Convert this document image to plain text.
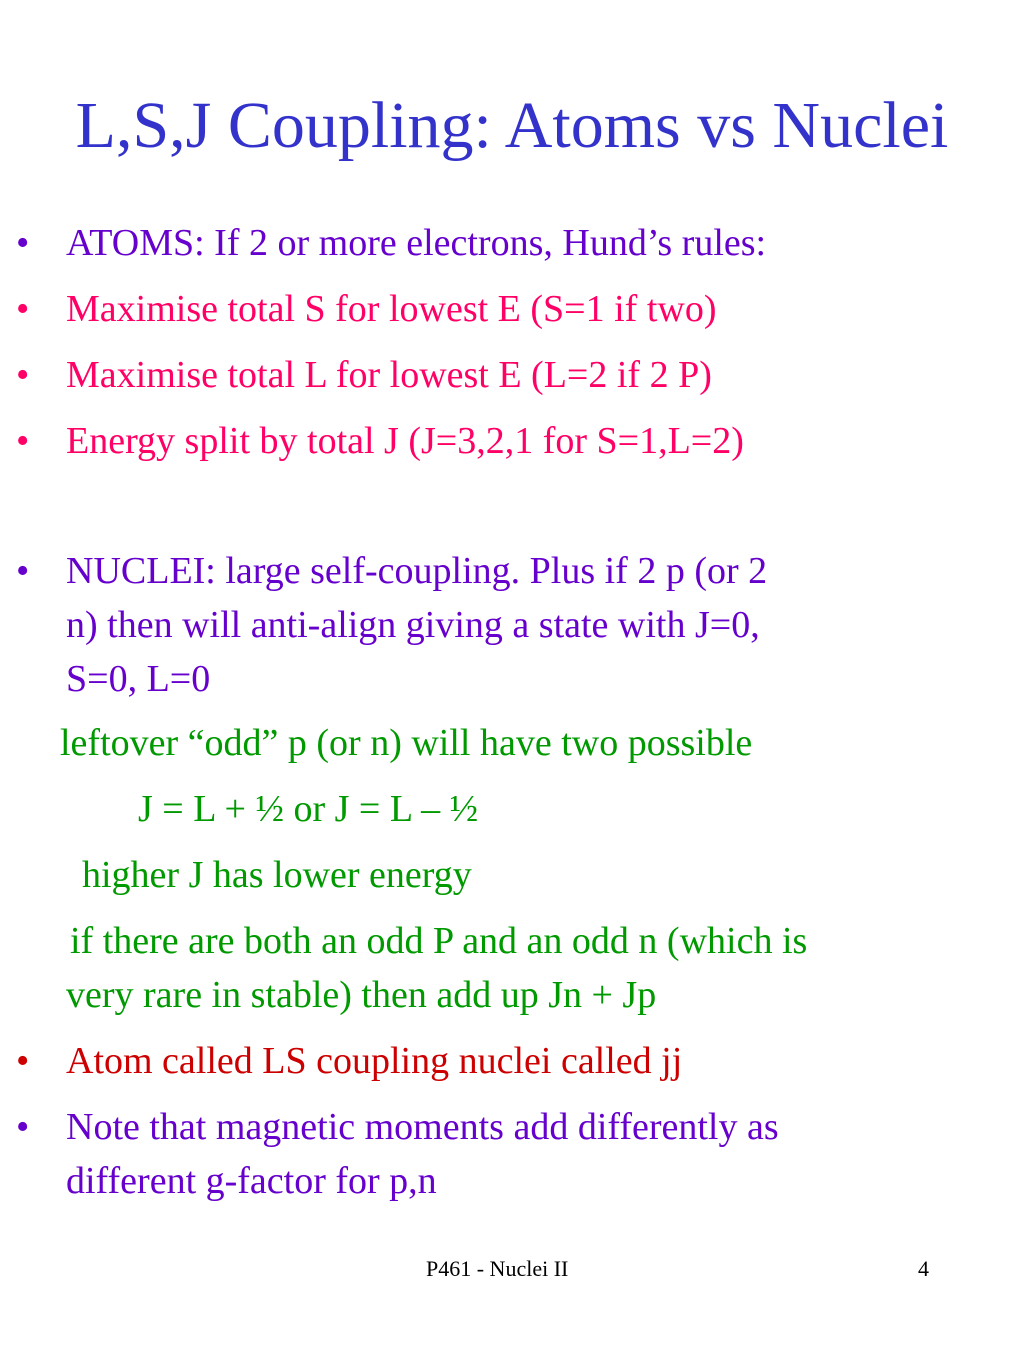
L,S,J Coupling: Atoms vs Nuclei
• ATOMS: If 2 or more electrons, Hund’s rules:
• Maximise total S for lowest E (S=1 if two)
• Maximise total L for lowest E (L=2 if 2 P)
• Energy split by total J (J=3,2,1 for S=1,L=2)
• NUCLEI: large self-coupling. Plus if 2 p (or 2
n) then will anti-align giving a state with J=0,
S=0, L=0
leftover “odd” p (or n) will have two possible
J = L + ½ or J = L – ½
higher J has lower energy
if there are both an odd P and an odd n (which is
very rare in stable) then add up Jn + Jp
• Atom called LS coupling nuclei called jj
• Note that magnetic moments add differently as
different g-factor for p,n
P461 - Nuclei II	4
